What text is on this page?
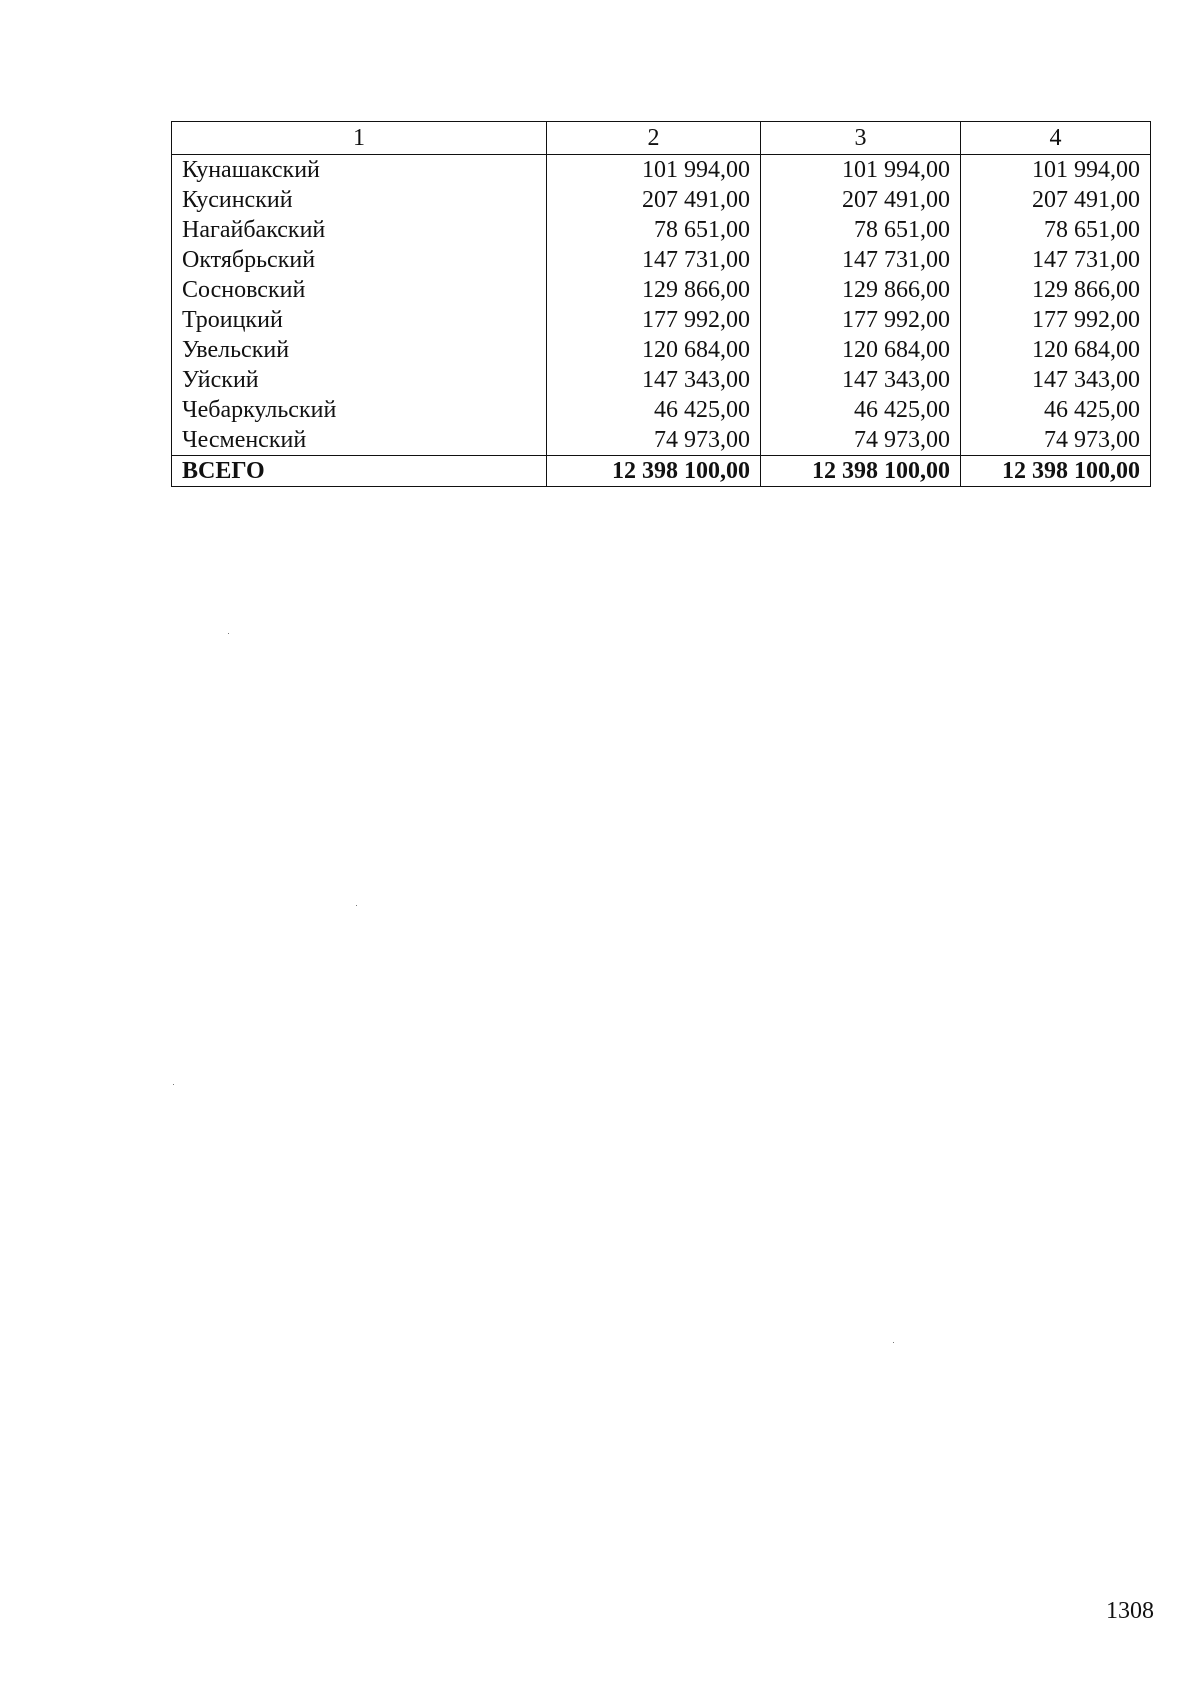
1	2	3	4
Кунашакский	101 994,00	101 994,00	101 994,00
Кусинский	207 491,00	207 491,00	207 491,00
Нагайбакский	78 651,00	78 651,00	78 651,00
Октябрьский	147 731,00	147 731,00	147 731,00
Сосновский	129 866,00	129 866,00	129 866,00
Троицкий	177 992,00	177 992,00	177 992,00
Увельский	120 684,00	120 684,00	120 684,00
Уйский	147 343,00	147 343,00	147 343,00
Чебаркульский	46 425,00	46 425,00	46 425,00
Чесменский	74 973,00	74 973,00	74 973,00
ВСЕГО	12 398 100,00	12 398 100,00	12 398 100,00
1308
